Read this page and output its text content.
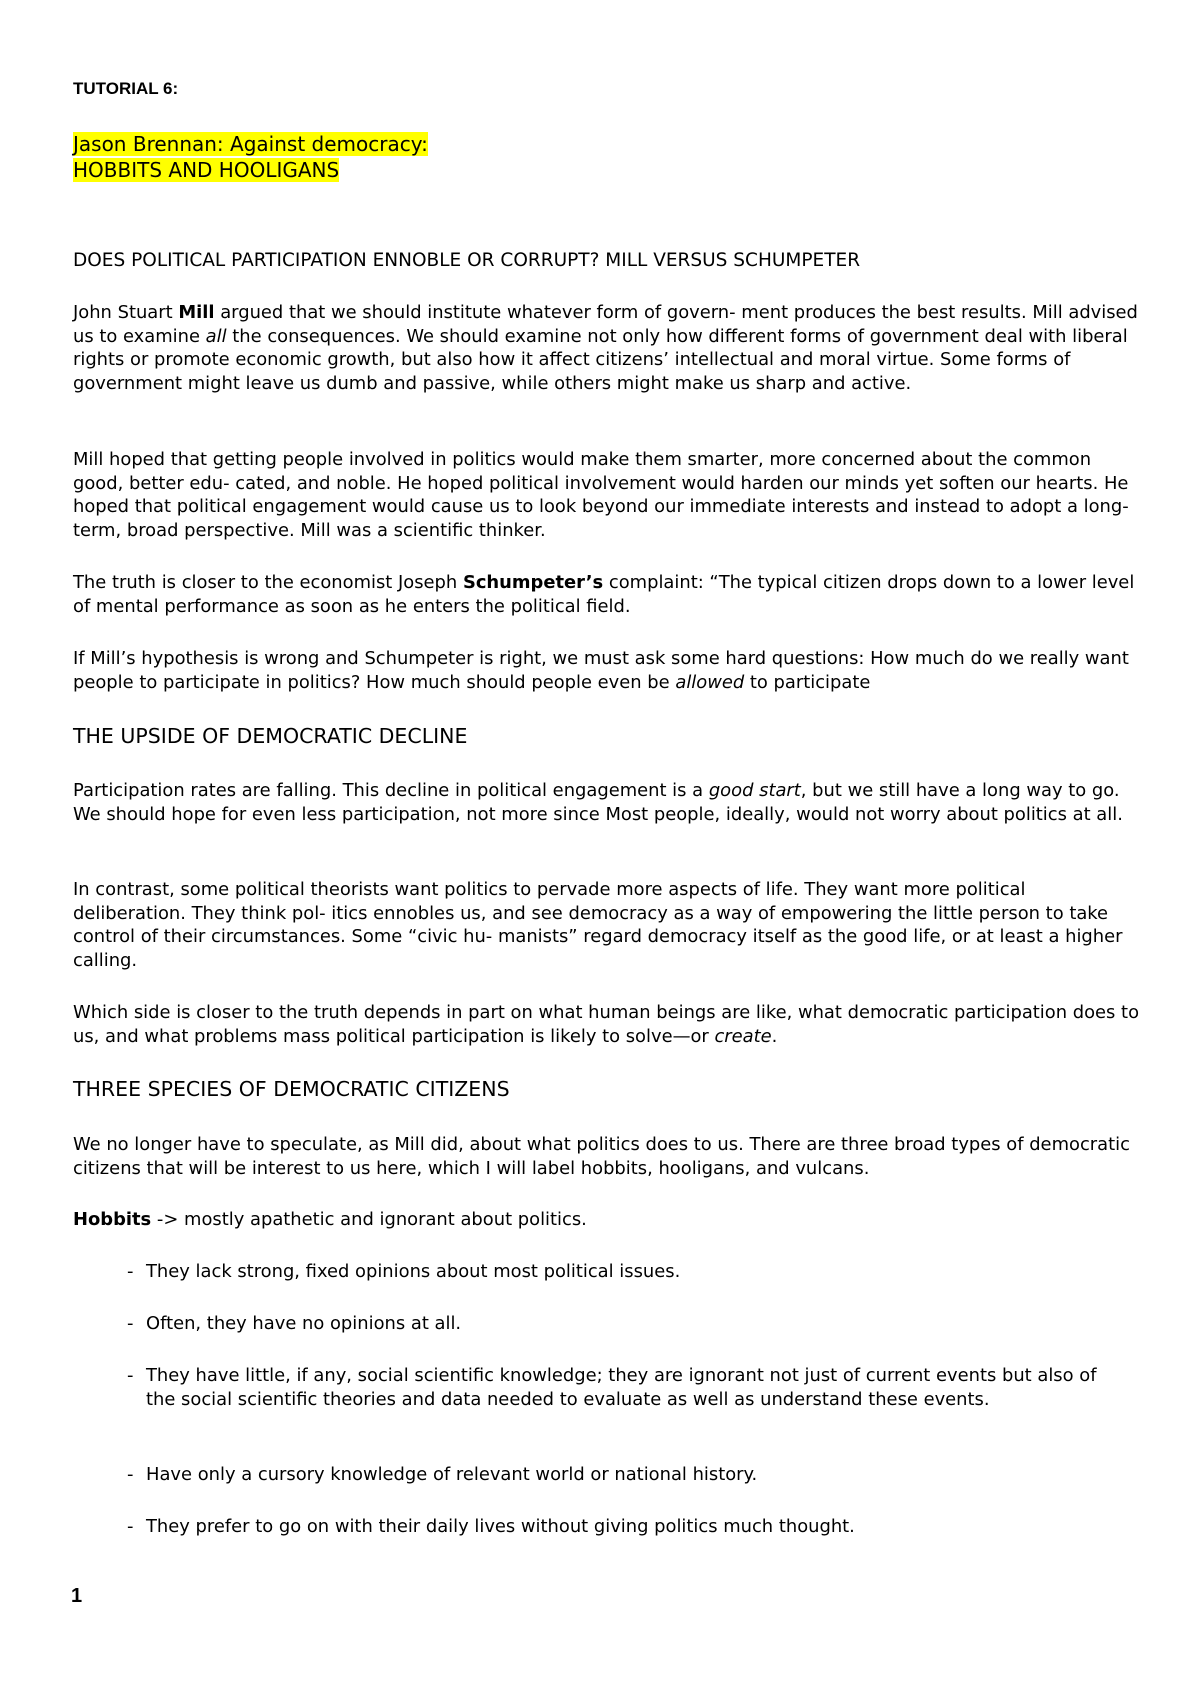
TUTORIAL 6:
Jason Brennan: Against democracy:
HOBBITS AND HOOLIGANS
DOES POLITICAL PARTICIPATION ENNOBLE OR CORRUPT? MILL VERSUS SCHUMPETER

John Stuart Mill argued that we should institute whatever form of govern- ment produces the best results. Mill advised us to examine all the consequences. We should examine not only how different forms of government deal with liberal rights or promote economic growth, but also how it affect citizens’ intellectual and moral virtue. Some forms of government might leave us dumb and passive, while others might make us sharp and active.

Mill hoped that getting people involved in politics would make them smarter, more concerned about the common good, better edu- cated, and noble. He hoped political involvement would harden our minds yet soften our hearts. He hoped that political engagement would cause us to look beyond our immediate interests and instead to adopt a long-term, broad perspective. Mill was a scientific thinker.

The truth is closer to the economist Joseph Schumpeter’s complaint: “The typical citizen drops down to a lower level of mental performance as soon as he enters the political field.

If Mill’s hypothesis is wrong and Schumpeter is right, we must ask some hard questions: How much do we really want people to participate in politics? How much should people even be allowed to participate

THE UPSIDE OF DEMOCRATIC DECLINE

Participation rates are falling. This decline in political engagement is a good start, but we still have a long way to go. We should hope for even less participation, not more since Most people, ideally, would not worry about politics at all.

In contrast, some political theorists want politics to pervade more aspects of life. They want more political deliberation. They think pol- itics ennobles us, and see democracy as a way of empowering the little person to take control of their circumstances. Some “civic hu- manists” regard democracy itself as the good life, or at least a higher calling.

Which side is closer to the truth depends in part on what human beings are like, what democratic participation does to us, and what problems mass political participation is likely to solve—or create.

THREE SPECIES OF DEMOCRATIC CITIZENS

We no longer have to speculate, as Mill did, about what politics does to us. There are three broad types of democratic citizens that will be interest to us here, which I will label hobbits, hooligans, and vulcans.

Hobbits -> mostly apathetic and ignorant about politics.

- They lack strong, fixed opinions about most political issues.
- Often, they have no opinions at all.
- They have little, if any, social scientific knowledge; they are ignorant not just of current events but also of the social scientific theories and data needed to evaluate as well as understand these events.
- Have only a cursory knowledge of relevant world or national history.
- They prefer to go on with their daily lives without giving politics much thought.
1
